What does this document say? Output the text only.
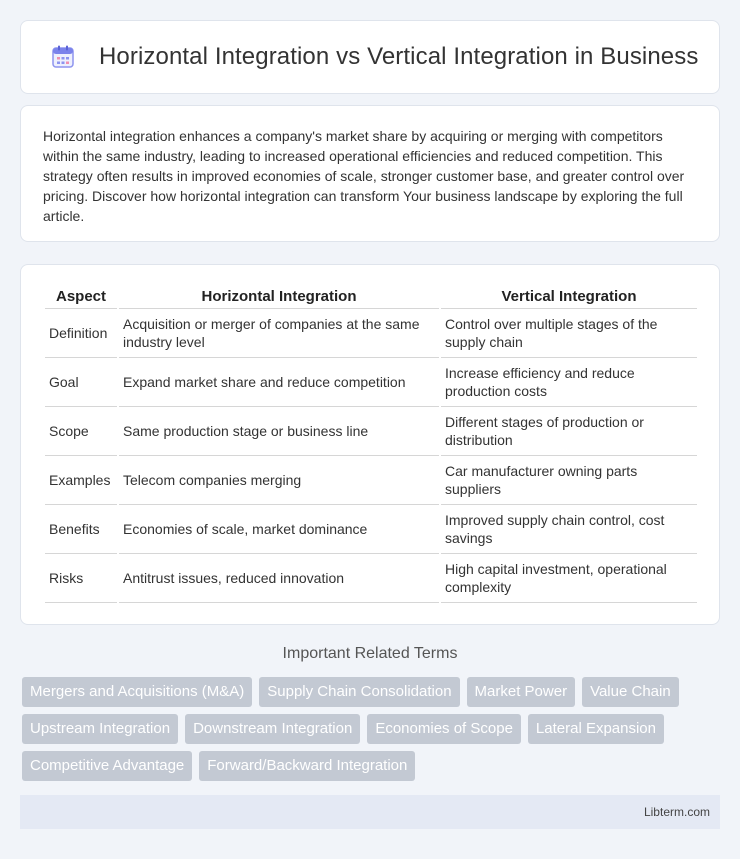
Horizontal Integration vs Vertical Integration in Business

Horizontal integration enhances a company's market share by acquiring or merging with competitors within the same industry, leading to increased operational efficiencies and reduced competition. This strategy often results in improved economies of scale, stronger customer base, and greater control over pricing. Discover how horizontal integration can transform Your business landscape by exploring the full article.

Aspect	Horizontal Integration	Vertical Integration
Definition	Acquisition or merger of companies at the same industry level	Control over multiple stages of the supply chain
Goal	Expand market share and reduce competition	Increase efficiency and reduce production costs
Scope	Same production stage or business line	Different stages of production or distribution
Examples	Telecom companies merging	Car manufacturer owning parts suppliers
Benefits	Economies of scale, market dominance	Improved supply chain control, cost savings
Risks	Antitrust issues, reduced innovation	High capital investment, operational complexity
Important Related Terms
Mergers and Acquisitions (M&A)	Supply Chain Consolidation	Market Power	Value Chain
Upstream Integration	Downstream Integration	Economies of Scope	Lateral Expansion
Competitive Advantage	Forward/Backward Integration
Libterm.com
